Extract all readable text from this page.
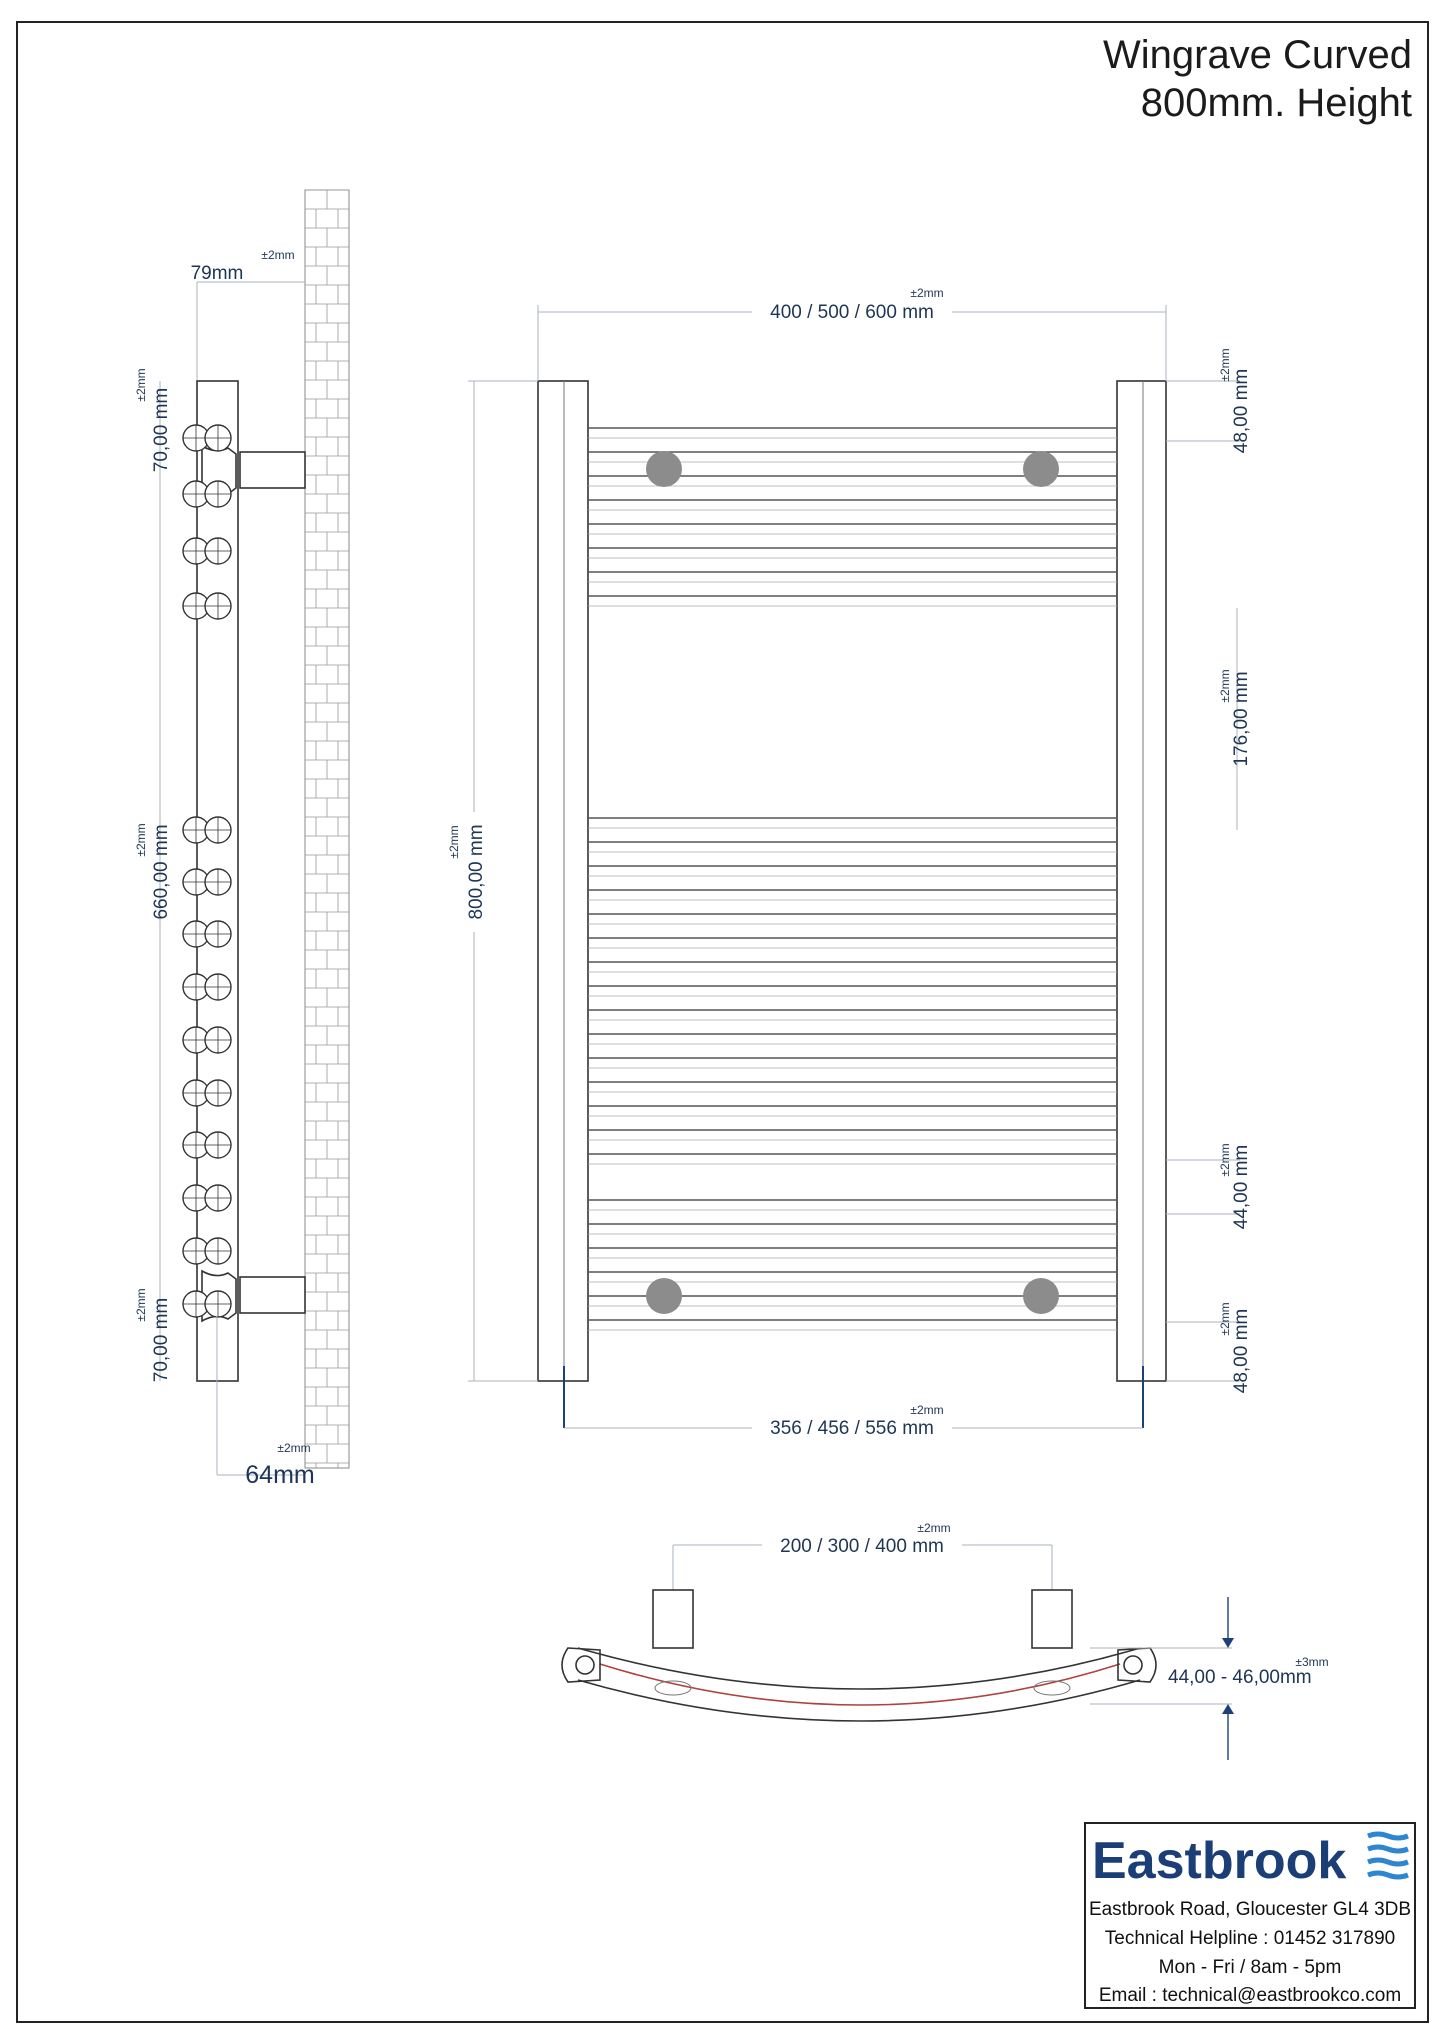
Wingrave Curved
800mm. Height
79mm
±2mm
64mm
±2mm
70,00 mm
±2mm
660,00 mm
±2mm
70,00 mm
±2mm
400 / 500 / 600 mm
±2mm
800,00 mm
±2mm
48,00 mm
±2mm
176,00 mm
±2mm
44,00 mm
±2mm
48,00 mm
±2mm
356 / 456 / 556 mm
±2mm
200 / 300 / 400 mm
±2mm
44,00 - 46,00mm
±3mm
Eastbrook
Eastbrook Road, Gloucester GL4 3DB
Technical Helpline : 01452 317890
Mon - Fri / 8am - 5pm
Email : technical@eastbrookco.com
